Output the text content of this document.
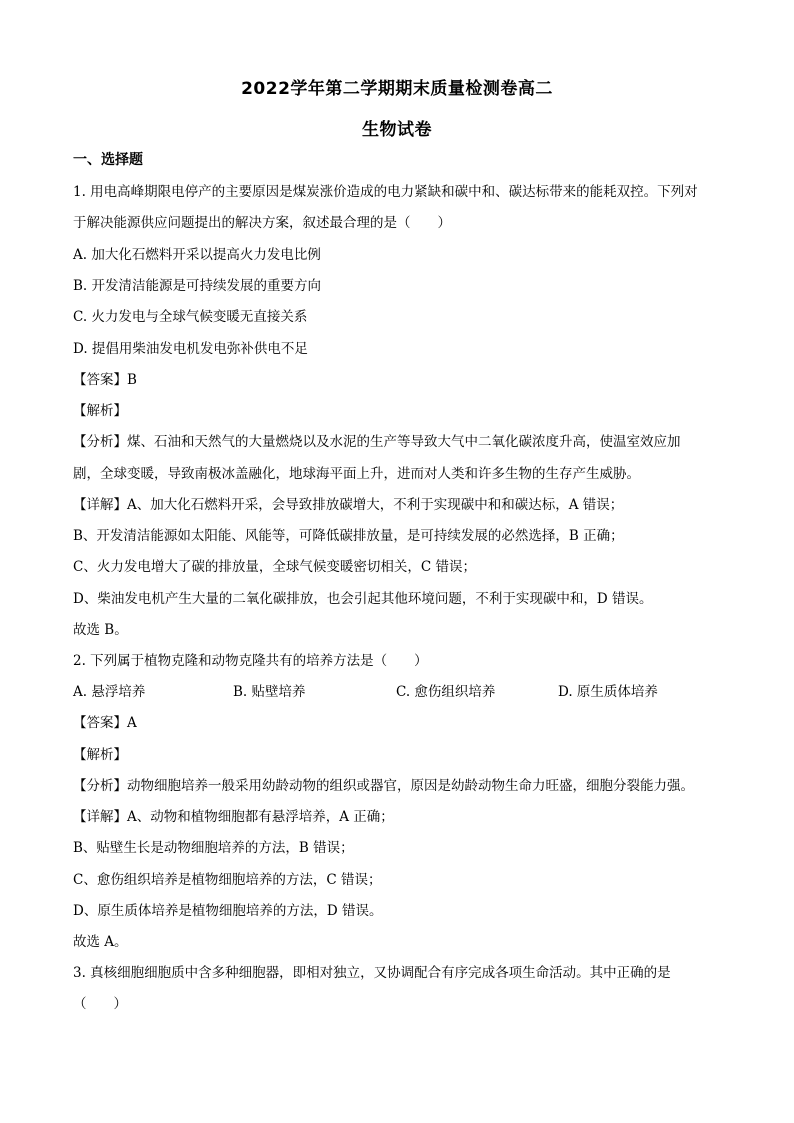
2022学年第二学期期末质量检测卷高二
生物试卷
一、选择题
1. 用电高峰期限电停产的主要原因是煤炭涨价造成的电力紧缺和碳中和、碳达标带来的能耗双控。下列对
于解决能源供应问题提出的解决方案，叙述最合理的是（　　）
A. 加大化石燃料开采以提高火力发电比例
B. 开发清洁能源是可持续发展的重要方向
C. 火力发电与全球气候变暖无直接关系
D. 提倡用柴油发电机发电弥补供电不足
【答案】B
【解析】
【分析】煤、石油和天然气的大量燃烧以及水泥的生产等导致大气中二氧化碳浓度升高，使温室效应加
剧，全球变暖，导致南极冰盖融化，地球海平面上升，进而对人类和许多生物的生存产生威胁。
【详解】A、加大化石燃料开采，会导致排放碳增大，不利于实现碳中和和碳达标，A 错误；
B、开发清洁能源如太阳能、风能等，可降低碳排放量，是可持续发展的必然选择，B 正确；
C、火力发电增大了碳的排放量，全球气候变暖密切相关，C 错误；
D、柴油发电机产生大量的二氧化碳排放，也会引起其他环境问题，不利于实现碳中和，D 错误。
故选 B。
2. 下列属于植物克隆和动物克隆共有的培养方法是（　　）
A. 悬浮培养	B. 贴壁培养	C. 愈伤组织培养	D. 原生质体培养
【答案】A
【解析】
【分析】动物细胞培养一般采用幼龄动物的组织或器官，原因是幼龄动物生命力旺盛，细胞分裂能力强。
【详解】A、动物和植物细胞都有悬浮培养，A 正确；
B、贴壁生长是动物细胞培养的方法，B 错误；
C、愈伤组织培养是植物细胞培养的方法，C 错误；
D、原生质体培养是植物细胞培养的方法，D 错误。
故选 A。
3. 真核细胞细胞质中含多种细胞器，即相对独立，又协调配合有序完成各项生命活动。其中正确的是
（　　）
